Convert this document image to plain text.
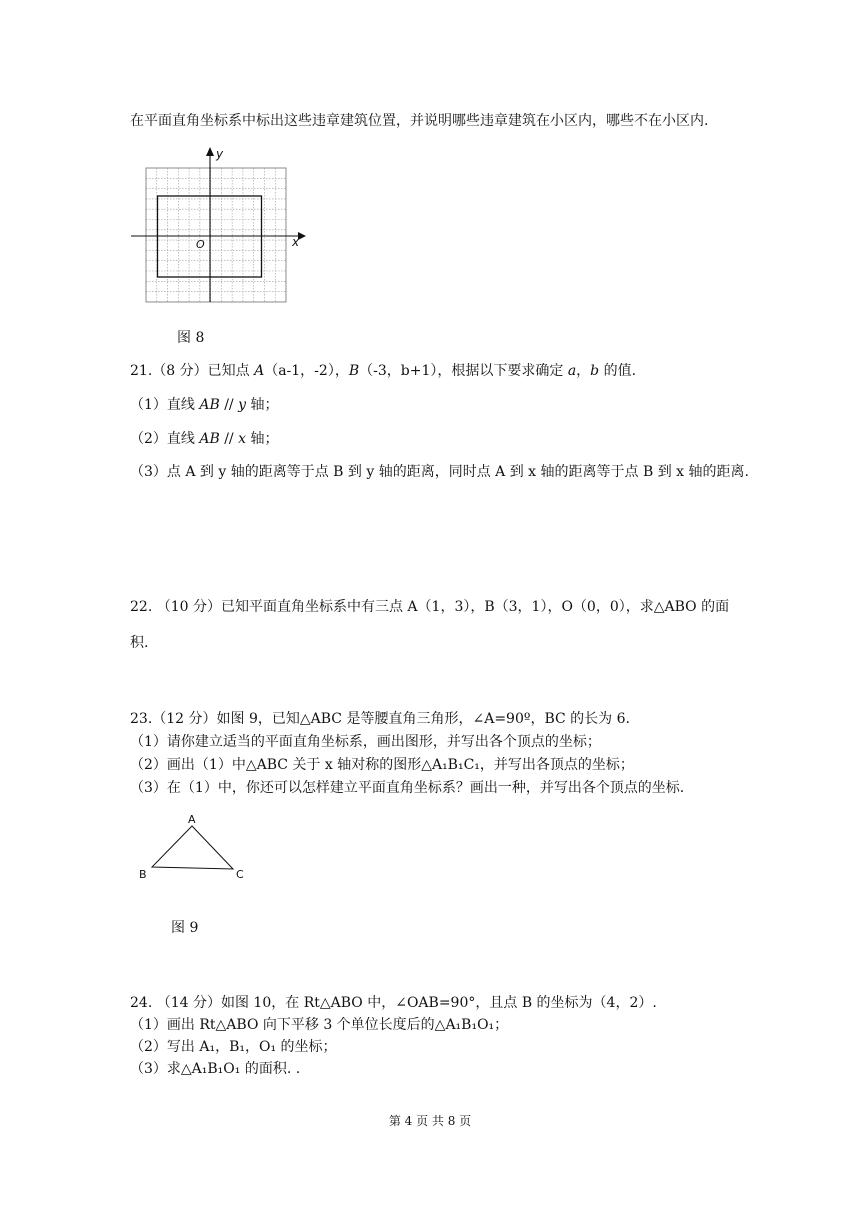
在平面直角坐标系中标出这些违章建筑位置，并说明哪些违章建筑在小区内，哪些不在小区内.
y
x
O
图 8
21.（8 分）已知点 A（a-1，-2），B（-3，b+1），根据以下要求确定 a，b 的值.
（1）直线 AB // y 轴；
（2）直线 AB // x 轴；
（3）点 A 到 y 轴的距离等于点 B 到 y 轴的距离，同时点 A 到 x 轴的距离等于点 B 到 x 轴的距离.
22. （10 分）已知平面直角坐标系中有三点 A（1，3），B（3，1），O（0，0），求△ABO 的面
积.
23.（12 分）如图 9，已知△ABC 是等腰直角三角形，∠A=90º，BC 的长为 6.
（1）请你建立适当的平面直角坐标系，画出图形，并写出各个顶点的坐标；
（2）画出（1）中△ABC 关于 x 轴对称的图形△A₁B₁C₁，并写出各顶点的坐标；
（3）在（1）中，你还可以怎样建立平面直角坐标系？画出一种，并写出各个顶点的坐标.
A
B	C
图 9
24. （14 分）如图 10，在 Rt△ABO 中，∠OAB=90°，且点 B 的坐标为（4，2）.
（1）画出 Rt△ABO 向下平移 3 个单位长度后的△A₁B₁O₁；
（2）写出 A₁，B₁，O₁ 的坐标；
（3）求△A₁B₁O₁ 的面积. .
第 4 页 共 8 页
